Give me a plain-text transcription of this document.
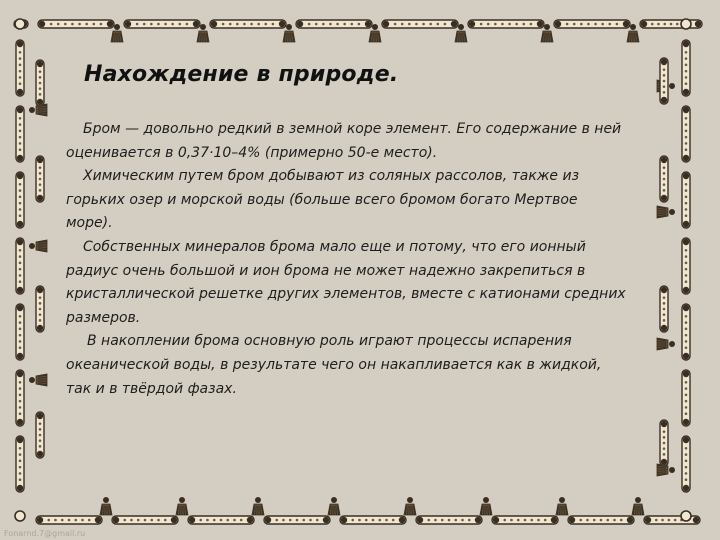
Нахождение в природе.

Бром — довольно редкий в земной коре элемент. Его содержание в ней оценивается в 0,37·10–4% (примерно 50-е место).

Химическим путем бром добывают из соляных рассолов, также из горьких озер и морской воды (больше всего бромом богато Мертвое море).

Собственных минералов брома мало еще и потому, что его ионный радиус очень большой и ион брома не может надежно закрепиться в кристаллической решетке других элементов, вместе с катионами средних размеров.

В накоплении брома основную роль играют процессы испарения океанической воды, в результате чего он накапливается как в жидкой, так и в твёрдой фазах.

Fonarnd.7@gmail.ru
